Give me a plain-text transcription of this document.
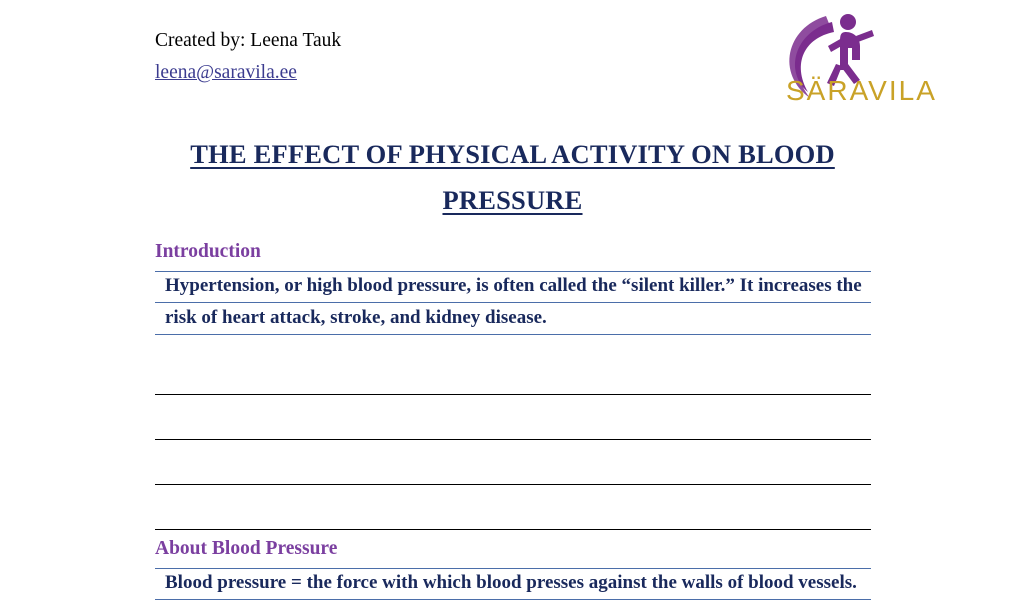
Created by: Leena Tauk
leena@saravila.ee
SÄRAVILA
THE EFFECT OF PHYSICAL ACTIVITY ON BLOOD
PRESSURE
Introduction
Hypertension, or high blood pressure, is often called the “silent killer.” It increases the
risk of heart attack, stroke, and kidney disease.
About Blood Pressure
Blood pressure = the force with which blood presses against the walls of blood vessels.
